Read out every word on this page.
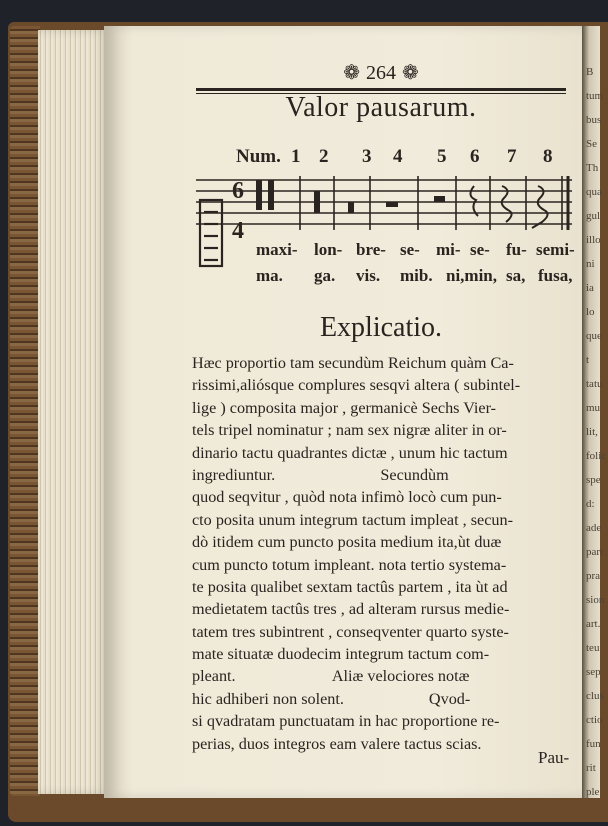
B
tum
bus
Se
Th
qua
gul
illo
ni
ia lo
que t
tatu
mu
lit,
folic
spe
d:
ade
part
pra
sion
art.
teu
sep
clus
ctio
fun
rit
ple
❁ 264 ❁
Valor pausarum.
Num. 1 2 3 4 5 6 7 8
6
4
maxi- lon- bre- se- mi- se- fu- semi-
ma. ga. vis. mib. ni,min, sa, fusa,
Explicatio.
Hæc proportio tam secundùm Reichum quàm Ca-
rissimi,aliósque complures sesqvi altera ( subintel-
lige ) composita major , germanicè Sechs Vier-
tels tripel nominatur ; nam sex nigræ aliter in or-
dinario tactu quadrantes dictæ , unum hic tactum
ingrediuntur.                          Secundùm
quod seqvitur , quòd nota infimò locò cum pun-
cto posita unum integrum tactum impleat , secun-
dò itidem cum puncto posita medium ita,ùt duæ
cum puncto totum impleant. nota tertio systema-
te posita qualibet sextam tactûs partem , ita ùt ad
medietatem tactûs tres , ad alteram rursus medie-
tatem tres subintrent , conseqventer quarto syste-
mate situatæ duodecim integrum tactum com-
pleant.                        Aliæ velociores notæ
hic adhiberi non solent.                     Qvod-
si qvadratam punctuatam in hac proportione re-
perias, duos integros eam valere tactus scias.
Pau-
